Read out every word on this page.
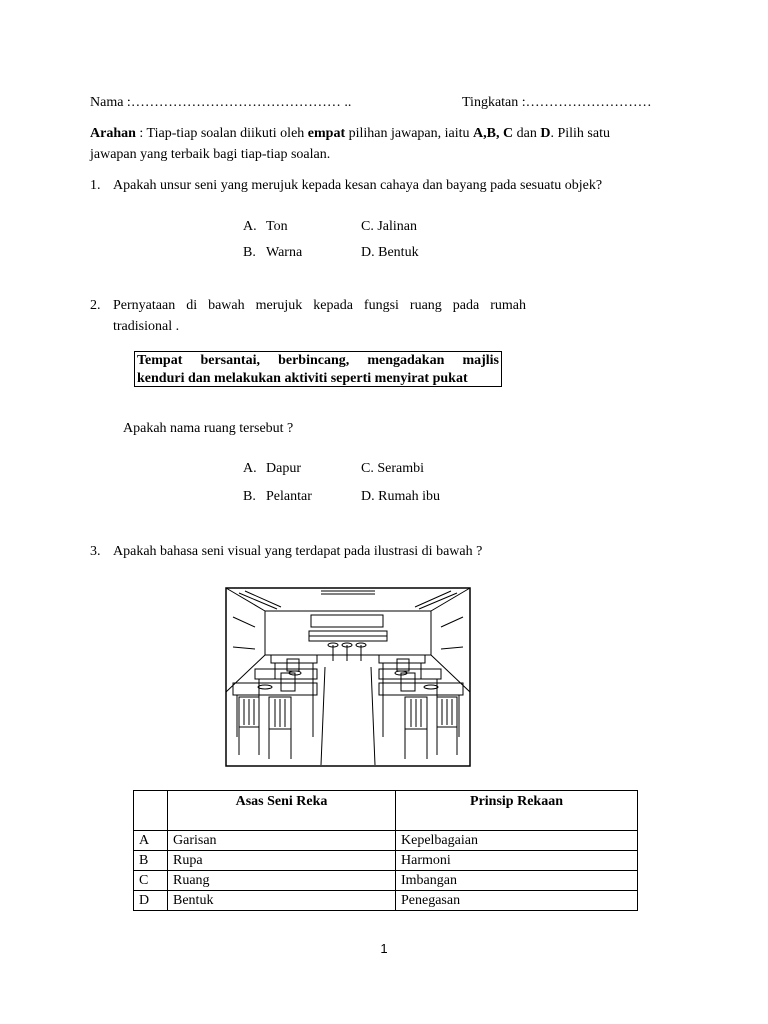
Nama :……………………………………… ..	Tingkatan :………………………
Arahan : Tiap-tiap soalan diikuti oleh empat pilihan jawapan, iaitu A,B, C dan D. Pilih satu
jawapan yang terbaik bagi tiap-tiap soalan.
1. Apakah unsur seni yang merujuk kepada kesan cahaya dan bayang pada sesuatu objek?
A. Ton
B. Warna
C. Jalinan
D. Bentuk
2. Pernyataan di bawah merujuk kepada fungsi ruang pada rumah
tradisional .
Tempat bersantai, berbincang, mengadakan majlis
kenduri dan melakukan aktiviti seperti menyirat pukat
Apakah nama ruang tersebut ?
A. Dapur
B. Pelantar
C. Serambi
D. Rumah ibu
3. Apakah bahasa seni visual yang terdapat pada ilustrasi di bawah ?
	Asas Seni Reka	Prinsip Rekaan
A	Garisan	Kepelbagaian
B	Rupa	Harmoni
C	Ruang	Imbangan
D	Bentuk	Penegasan
1
